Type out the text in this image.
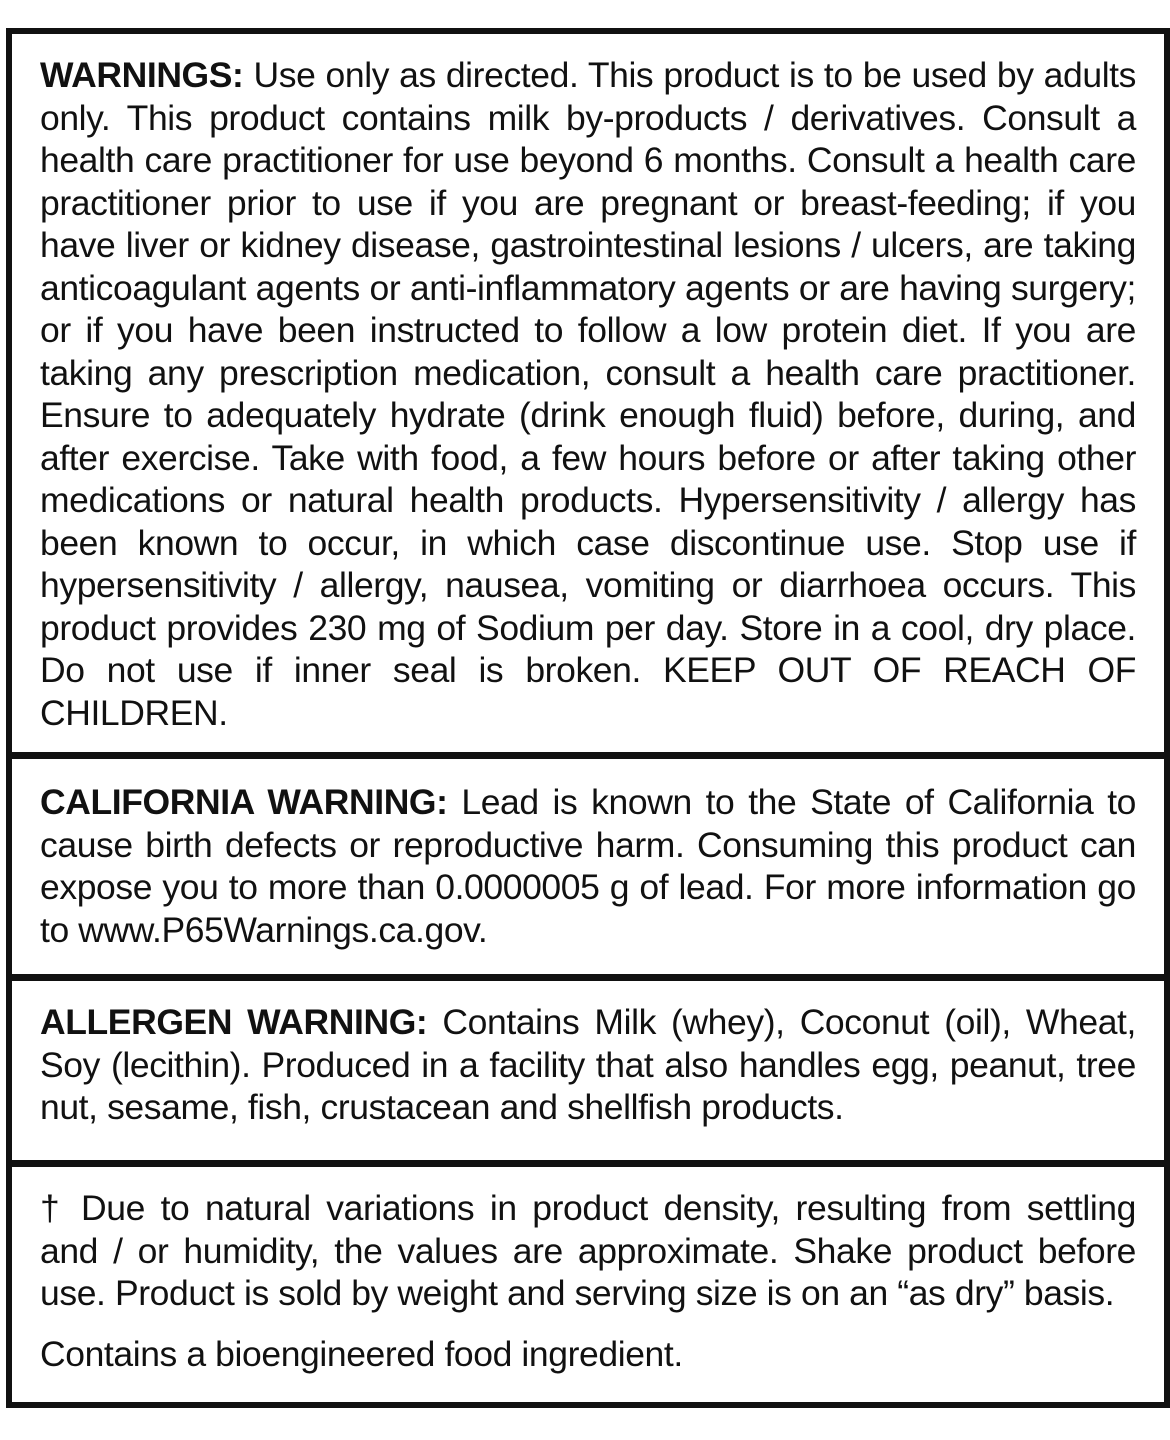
WARNINGS: Use only as directed. This product is to be used by adults only. This product contains milk by-products / derivatives. Consult a health care practitioner for use beyond 6 months. Consult a health care practitioner prior to use if you are pregnant or breast-feeding; if you have liver or kidney disease, gastrointestinal lesions / ulcers, are taking anticoagulant agents or anti-inflammatory agents or are having surgery; or if you have been instructed to follow a low protein diet. If you are taking any prescription medication, consult a health care practitioner. Ensure to adequately hydrate (drink enough fluid) before, during, and after exercise. Take with food, a few hours before or after taking other medications or natural health products. Hypersensitivity / allergy has been known to occur, in which case discontinue use. Stop use if hypersensitivity / allergy, nausea, vomiting or diarrhoea occurs. This product provides 230 mg of Sodium per day. Store in a cool, dry place. Do not use if inner seal is broken. KEEP OUT OF REACH OF CHILDREN.

CALIFORNIA WARNING: Lead is known to the State of California to cause birth defects or reproductive harm. Consuming this product can expose you to more than 0.0000005 g of lead. For more information go to www.P65Warnings.ca.gov.

ALLERGEN WARNING: Contains Milk (whey), Coconut (oil), Wheat, Soy (lecithin). Produced in a facility that also handles egg, peanut, tree nut, sesame, fish, crustacean and shellfish products.

† Due to natural variations in product density, resulting from settling and / or humidity, the values are approximate. Shake product before use. Product is sold by weight and serving size is on an “as dry” basis.

Contains a bioengineered food ingredient.
